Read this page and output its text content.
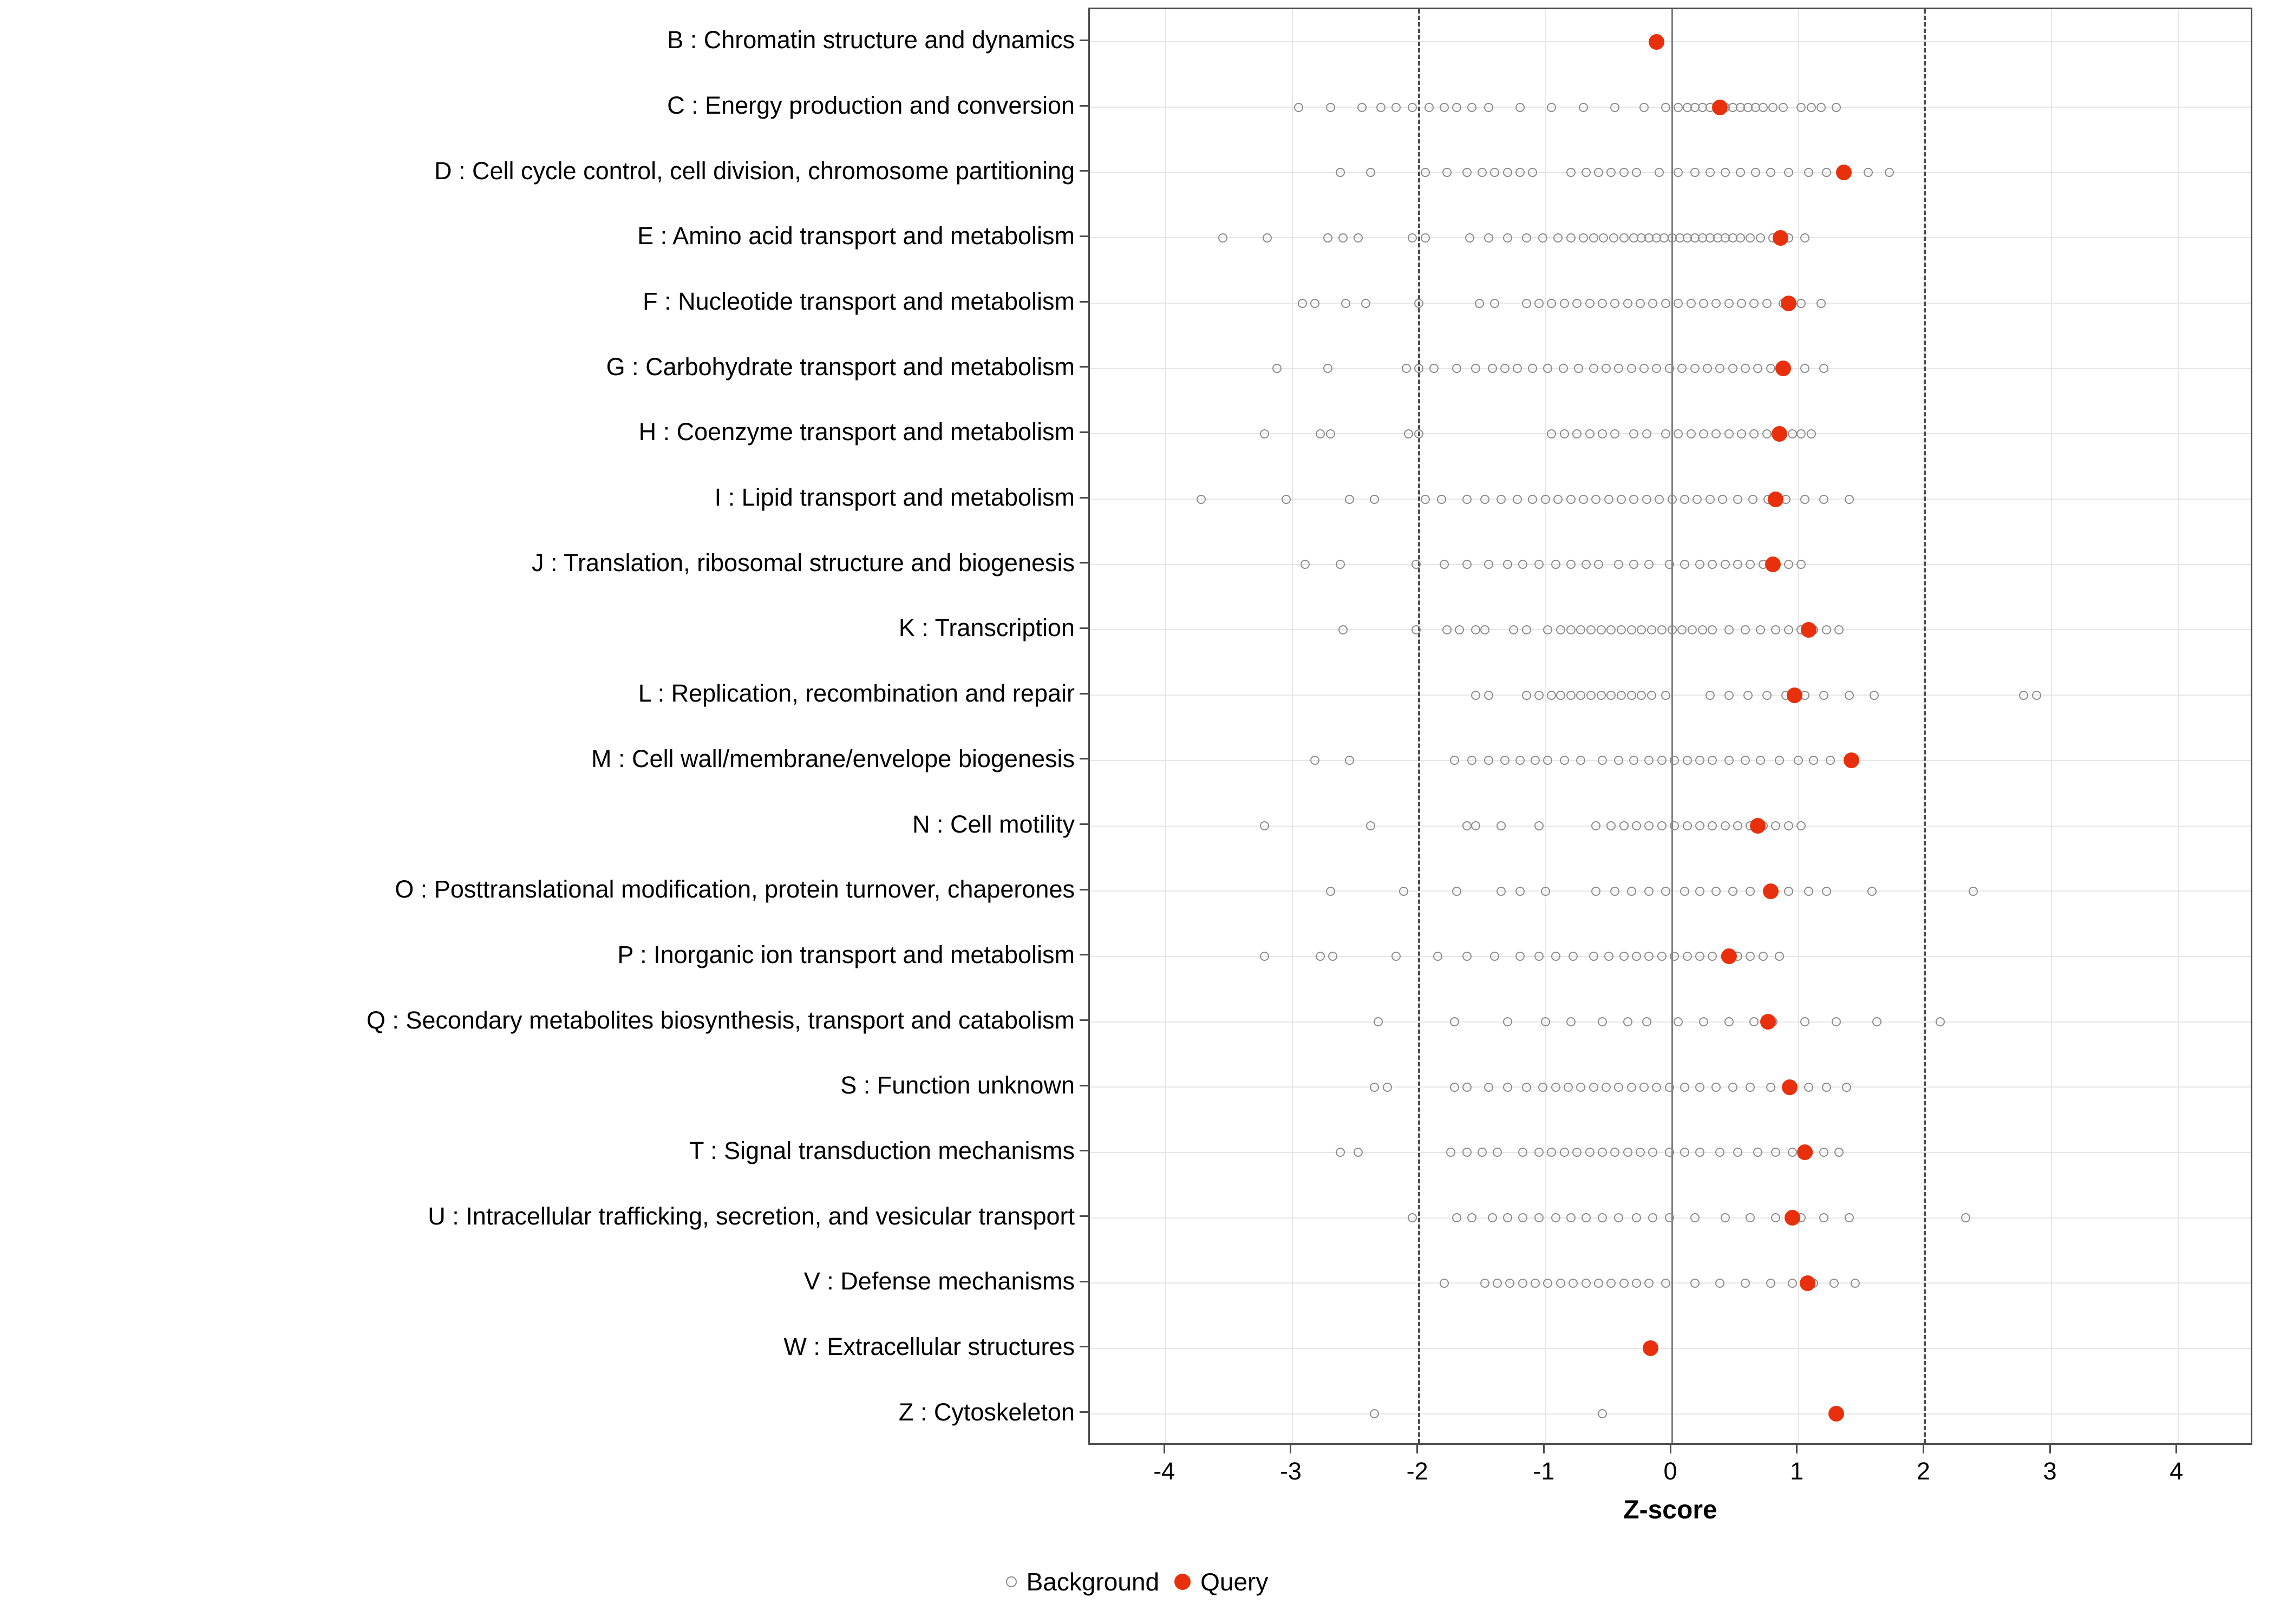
B : Chromatin structure and dynamics
C : Energy production and conversion
D : Cell cycle control, cell division, chromosome partitioning
E : Amino acid transport and metabolism
F : Nucleotide transport and metabolism
G : Carbohydrate transport and metabolism
H : Coenzyme transport and metabolism
I : Lipid transport and metabolism
J : Translation, ribosomal structure and biogenesis
K : Transcription
L : Replication, recombination and repair
M : Cell wall/membrane/envelope biogenesis
N : Cell motility
O : Posttranslational modification, protein turnover, chaperones
P : Inorganic ion transport and metabolism
Q : Secondary metabolites biosynthesis, transport and catabolism
S : Function unknown
T : Signal transduction mechanisms
U : Intracellular trafficking, secretion, and vesicular transport
V : Defense mechanisms
W : Extracellular structures
Z : Cytoskeleton
-4	-3	-2	-1	0	1	2	3	4
Z-score
Background Query
